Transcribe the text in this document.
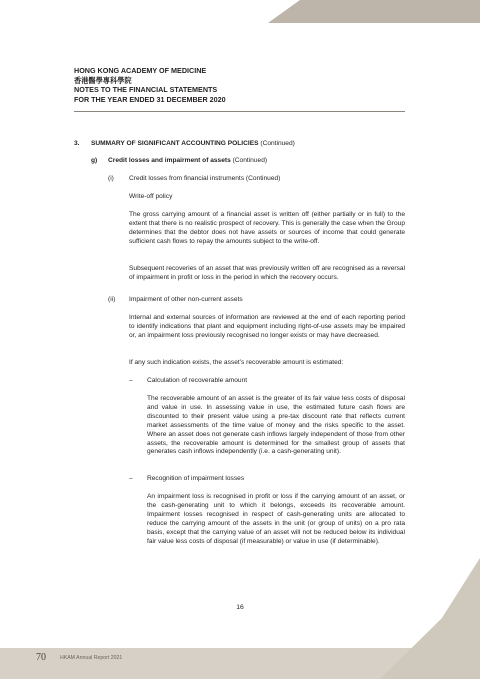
HONG KONG ACADEMY OF MEDICINE
香港醫學專科學院
NOTES TO THE FINANCIAL STATEMENTS
FOR THE YEAR ENDED 31 DECEMBER 2020
3. SUMMARY OF SIGNIFICANT ACCOUNTING POLICIES (Continued)
g) Credit losses and impairment of assets (Continued)
(i) Credit losses from financial instruments (Continued)
Write-off policy
The gross carrying amount of a financial asset is written off (either partially or in full) to the extent that there is no realistic prospect of recovery. This is generally the case when the Group determines that the debtor does not have assets or sources of income that could generate sufficient cash flows to repay the amounts subject to the write-off.
Subsequent recoveries of an asset that was previously written off are recognised as a reversal of impairment in profit or loss in the period in which the recovery occurs.
(ii) Impairment of other non-current assets
Internal and external sources of information are reviewed at the end of each reporting period to identify indications that plant and equipment including right-of-use assets may be impaired or, an impairment loss previously recognised no longer exists or may have decreased.
If any such indication exists, the asset’s recoverable amount is estimated:
– Calculation of recoverable amount
The recoverable amount of an asset is the greater of its fair value less costs of disposal and value in use. In assessing value in use, the estimated future cash flows are discounted to their present value using a pre-tax discount rate that reflects current market assessments of the time value of money and the risks specific to the asset. Where an asset does not generate cash inflows largely independent of those from other assets, the recoverable amount is determined for the smallest group of assets that generates cash inflows independently (i.e. a cash-generating unit).
– Recognition of impairment losses
An impairment loss is recognised in profit or loss if the carrying amount of an asset, or the cash-generating unit to which it belongs, exceeds its recoverable amount. Impairment losses recognised in respect of cash-generating units are allocated to reduce the carrying amount of the assets in the unit (or group of units) on a pro rata basis, except that the carrying value of an asset will not be reduced below its individual fair value less costs of disposal (if measurable) or value in use (if determinable).
16
70	HKAM Annual Report 2021
